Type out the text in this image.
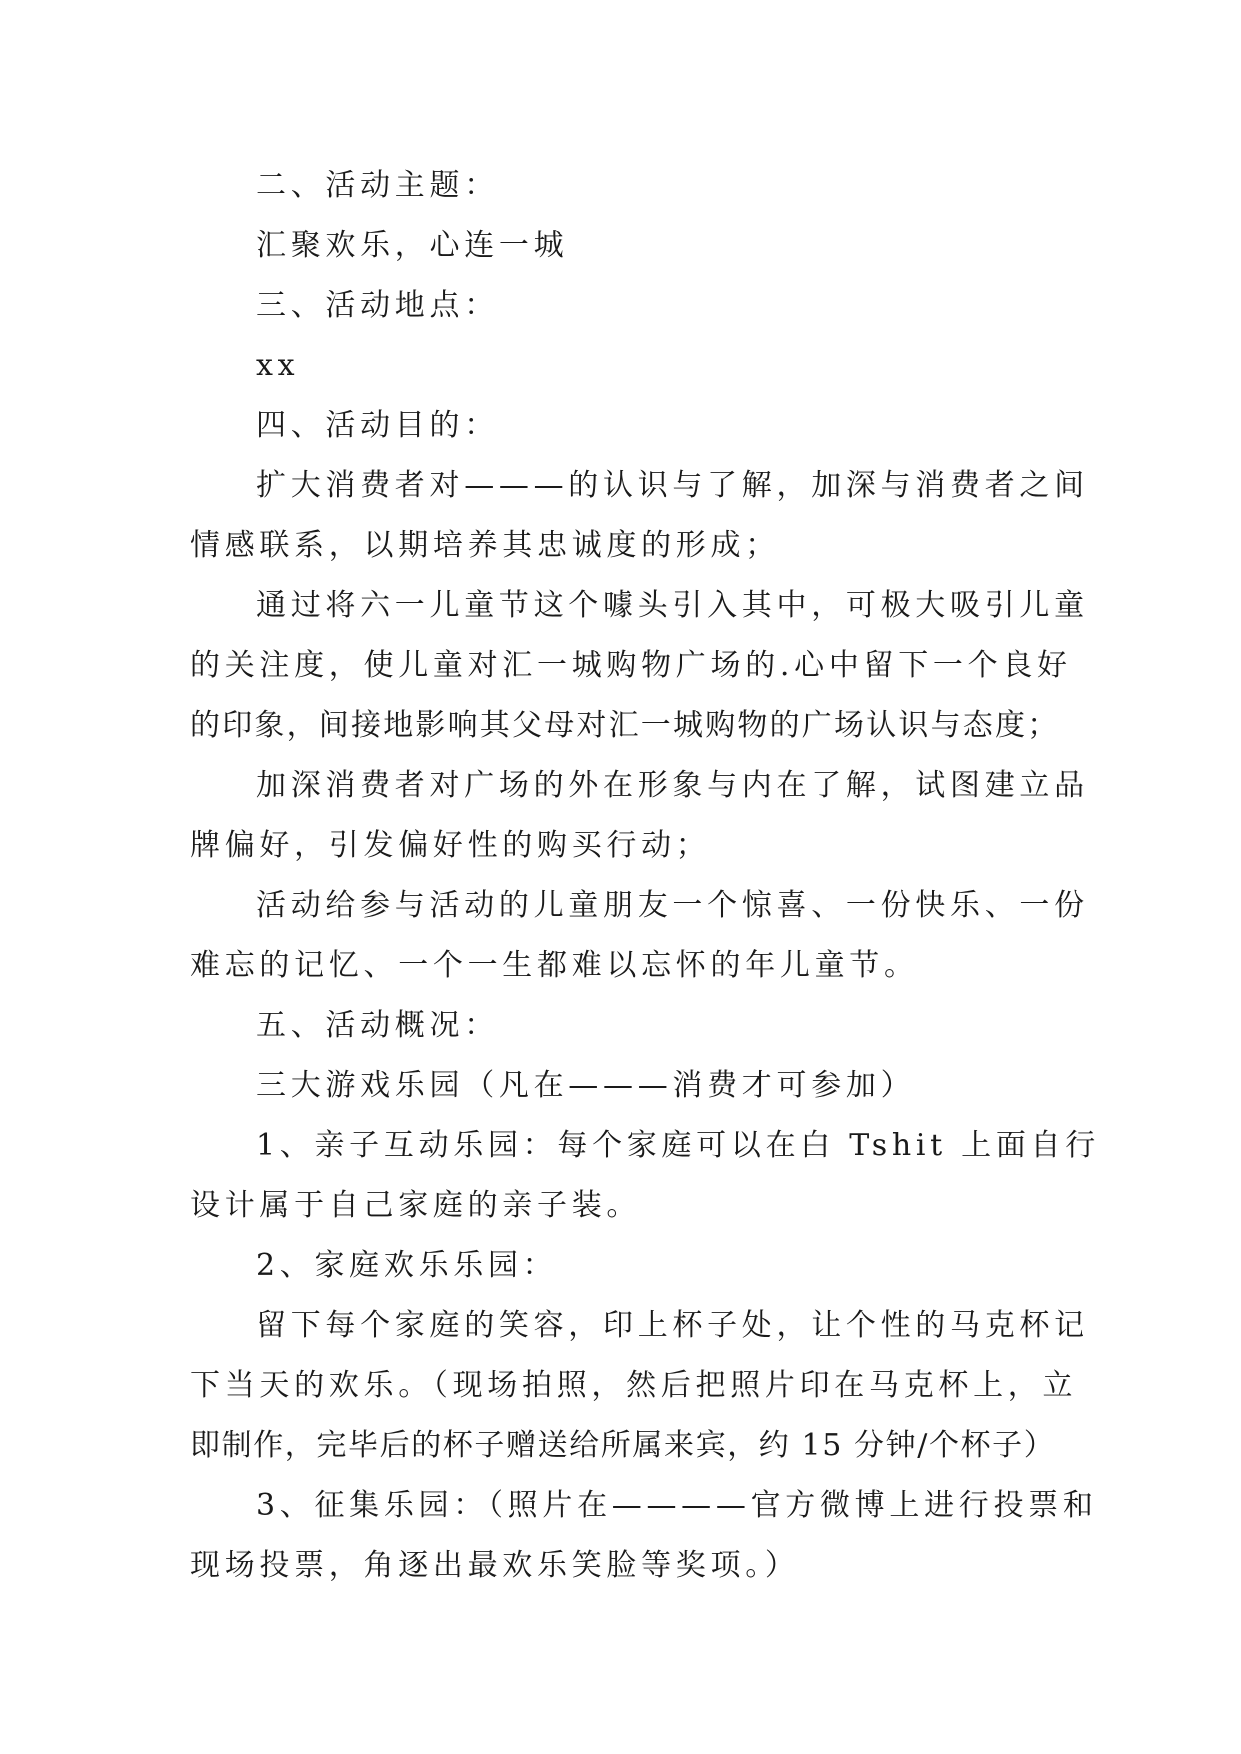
二、活动主题：
汇聚欢乐，心连一城
三、活动地点：
xx
四、活动目的：
扩大消费者对———的认识与了解，加深与消费者之间
情感联系，以期培养其忠诚度的形成；
通过将六一儿童节这个噱头引入其中，可极大吸引儿童
的关注度，使儿童对汇一城购物广场的.心中留下一个良好
的印象，间接地影响其父母对汇一城购物的广场认识与态度；
加深消费者对广场的外在形象与内在了解，试图建立品
牌偏好，引发偏好性的购买行动；
活动给参与活动的儿童朋友一个惊喜、一份快乐、一份
难忘的记忆、一个一生都难以忘怀的年儿童节。
五、活动概况：
三大游戏乐园（凡在———消费才可参加）
1、亲子互动乐园：每个家庭可以在白 Tshit 上面自行
设计属于自己家庭的亲子装。
2、家庭欢乐乐园：
留下每个家庭的笑容，印上杯子处，让个性的马克杯记
下当天的欢乐。（现场拍照，然后把照片印在马克杯上，立
即制作，完毕后的杯子赠送给所属来宾，约 15 分钟/个杯子）
3、征集乐园：（照片在————官方微博上进行投票和
现场投票，角逐出最欢乐笑脸等奖项。）
